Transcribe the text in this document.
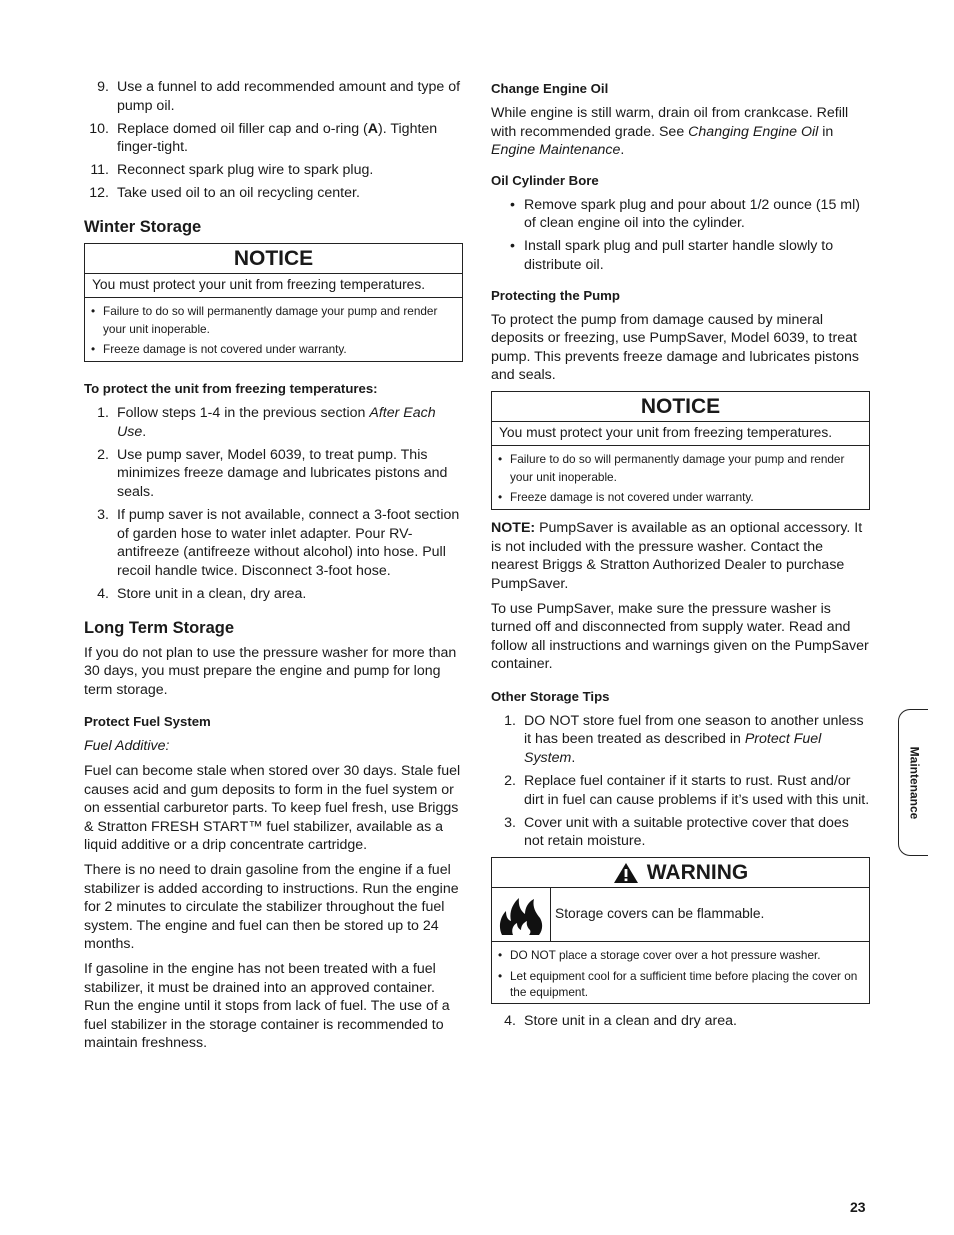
9. Use a funnel to add recommended amount and type of pump oil.
10. Replace domed oil filler cap and o-ring (A). Tighten finger-tight.
11. Reconnect spark plug wire to spark plug.
12. Take used oil to an oil recycling center.
Winter Storage
NOTICE
You must protect your unit from freezing temperatures.
• Failure to do so will permanently damage your pump and render your unit inoperable.
• Freeze damage is not covered under warranty.
To protect the unit from freezing temperatures:
1. Follow steps 1-4 in the previous section After Each Use.
2. Use pump saver, Model 6039, to treat pump. This minimizes freeze damage and lubricates pistons and seals.
3. If pump saver is not available, connect a 3-foot section of garden hose to water inlet adapter. Pour RV-antifreeze (antifreeze without alcohol) into hose. Pull recoil handle twice. Disconnect 3-foot hose.
4. Store unit in a clean, dry area.
Long Term Storage

If you do not plan to use the pressure washer for more than 30 days, you must prepare the engine and pump for long term storage.

Protect Fuel System

Fuel Additive:

Fuel can become stale when stored over 30 days. Stale fuel causes acid and gum deposits to form in the fuel system or on essential carburetor parts. To keep fuel fresh, use Briggs & Stratton FRESH START™ fuel stabilizer, available as a liquid additive or a drip concentrate cartridge.

There is no need to drain gasoline from the engine if a fuel stabilizer is added according to instructions. Run the engine for 2 minutes to circulate the stabilizer throughout the fuel system. The engine and fuel can then be stored up to 24 months.

If gasoline in the engine has not been treated with a fuel stabilizer, it must be drained into an approved container. Run the engine until it stops from lack of fuel. The use of a fuel stabilizer in the storage container is recommended to maintain freshness.

Change Engine Oil

While engine is still warm, drain oil from crankcase. Refill with recommended grade. See Changing Engine Oil in Engine Maintenance.

Oil Cylinder Bore
• Remove spark plug and pour about 1/2 ounce (15 ml) of clean engine oil into the cylinder.
• Install spark plug and pull starter handle slowly to distribute oil.
Protecting the Pump

To protect the pump from damage caused by mineral deposits or freezing, use PumpSaver, Model 6039, to treat pump. This prevents freeze damage and lubricates pistons and seals.

NOTICE
You must protect your unit from freezing temperatures.
• Failure to do so will permanently damage your pump and render your unit inoperable.
• Freeze damage is not covered under warranty.

NOTE: PumpSaver is available as an optional accessory. It is not included with the pressure washer. Contact the nearest Briggs & Stratton Authorized Dealer to purchase PumpSaver.

To use PumpSaver, make sure the pressure washer is turned off and disconnected from supply water. Read and follow all instructions and warnings given on the PumpSaver container.

Other Storage Tips
1. DO NOT store fuel from one season to another unless it has been treated as described in Protect Fuel System.
2. Replace fuel container if it starts to rust. Rust and/or dirt in fuel can cause problems if it’s used with this unit.
3. Cover unit with a suitable protective cover that does not retain moisture.
WARNING
Storage covers can be flammable.
• DO NOT place a storage cover over a hot pressure washer.
• Let equipment cool for a sufficient time before placing the cover on the equipment.
4. Store unit in a clean and dry area.
Maintenance
23
